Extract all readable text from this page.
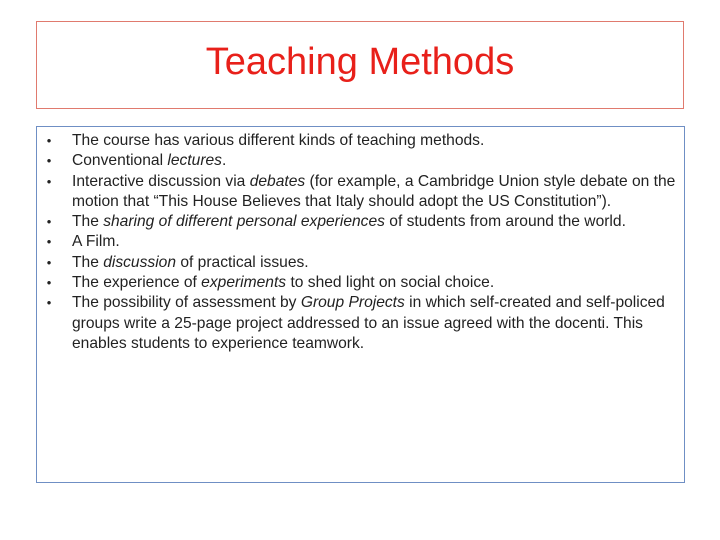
Teaching Methods
• The course has various different kinds of teaching methods.
• Conventional lectures.
• Interactive discussion via debates (for example, a Cambridge Union style debate on the motion that “This House Believes that Italy should adopt the US Constitution”).
• The sharing of different personal experiences of students from around the world.
• A Film.
• The discussion of practical issues.
• The experience of experiments to shed light on social choice.
• The possibility of assessment by Group Projects in which self-created and self-policed groups write a 25-page project addressed to an issue agreed with the docenti. This enables students to experience teamwork.
